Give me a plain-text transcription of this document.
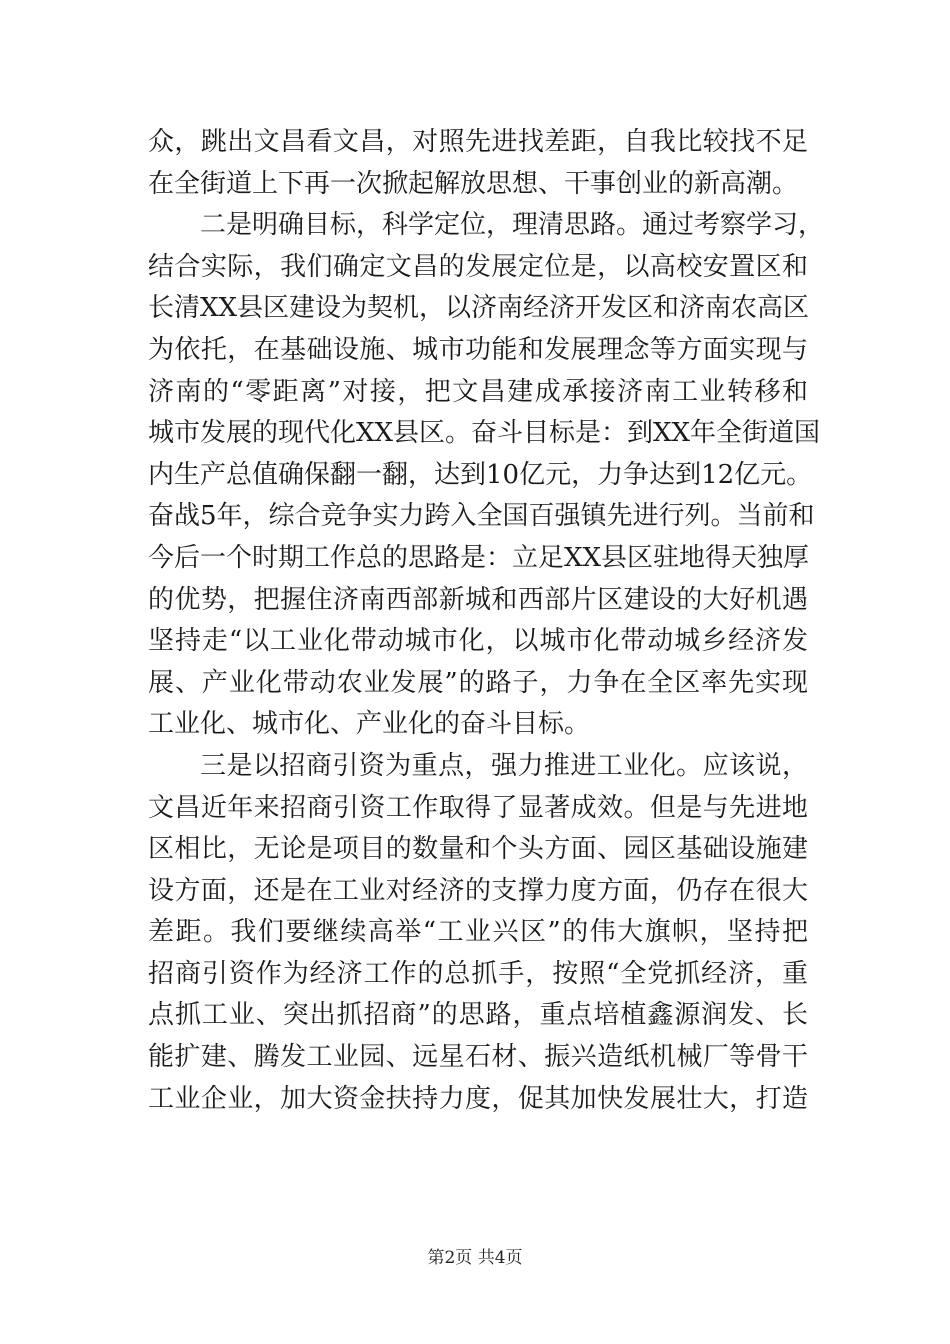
众，跳出文昌看文昌，对照先进找差距，自我比较找不足
在全街道上下再一次掀起解放思想、干事创业的新高潮。
二是明确目标，科学定位，理清思路。通过考察学习，
结合实际，我们确定文昌的发展定位是，以高校安置区和
长清XX县区建设为契机，以济南经济开发区和济南农高区
为依托，在基础设施、城市功能和发展理念等方面实现与
济南的“零距离”对接，把文昌建成承接济南工业转移和
城市发展的现代化XX县区。奋斗目标是：到XX年全街道国
内生产总值确保翻一翻，达到10亿元，力争达到12亿元。
奋战5年，综合竞争实力跨入全国百强镇先进行列。当前和
今后一个时期工作总的思路是：立足XX县区驻地得天独厚
的优势，把握住济南西部新城和西部片区建设的大好机遇
坚持走“以工业化带动城市化，以城市化带动城乡经济发
展、产业化带动农业发展”的路子，力争在全区率先实现
工业化、城市化、产业化的奋斗目标。
三是以招商引资为重点，强力推进工业化。应该说，
文昌近年来招商引资工作取得了显著成效。但是与先进地
区相比，无论是项目的数量和个头方面、园区基础设施建
设方面，还是在工业对经济的支撑力度方面，仍存在很大
差距。我们要继续高举“工业兴区”的伟大旗帜，坚持把
招商引资作为经济工作的总抓手，按照“全党抓经济，重
点抓工业、突出抓招商”的思路，重点培植鑫源润发、长
能扩建、腾发工业园、远星石材、振兴造纸机械厂等骨干
工业企业，加大资金扶持力度，促其加快发展壮大，打造
第2页 共4页
